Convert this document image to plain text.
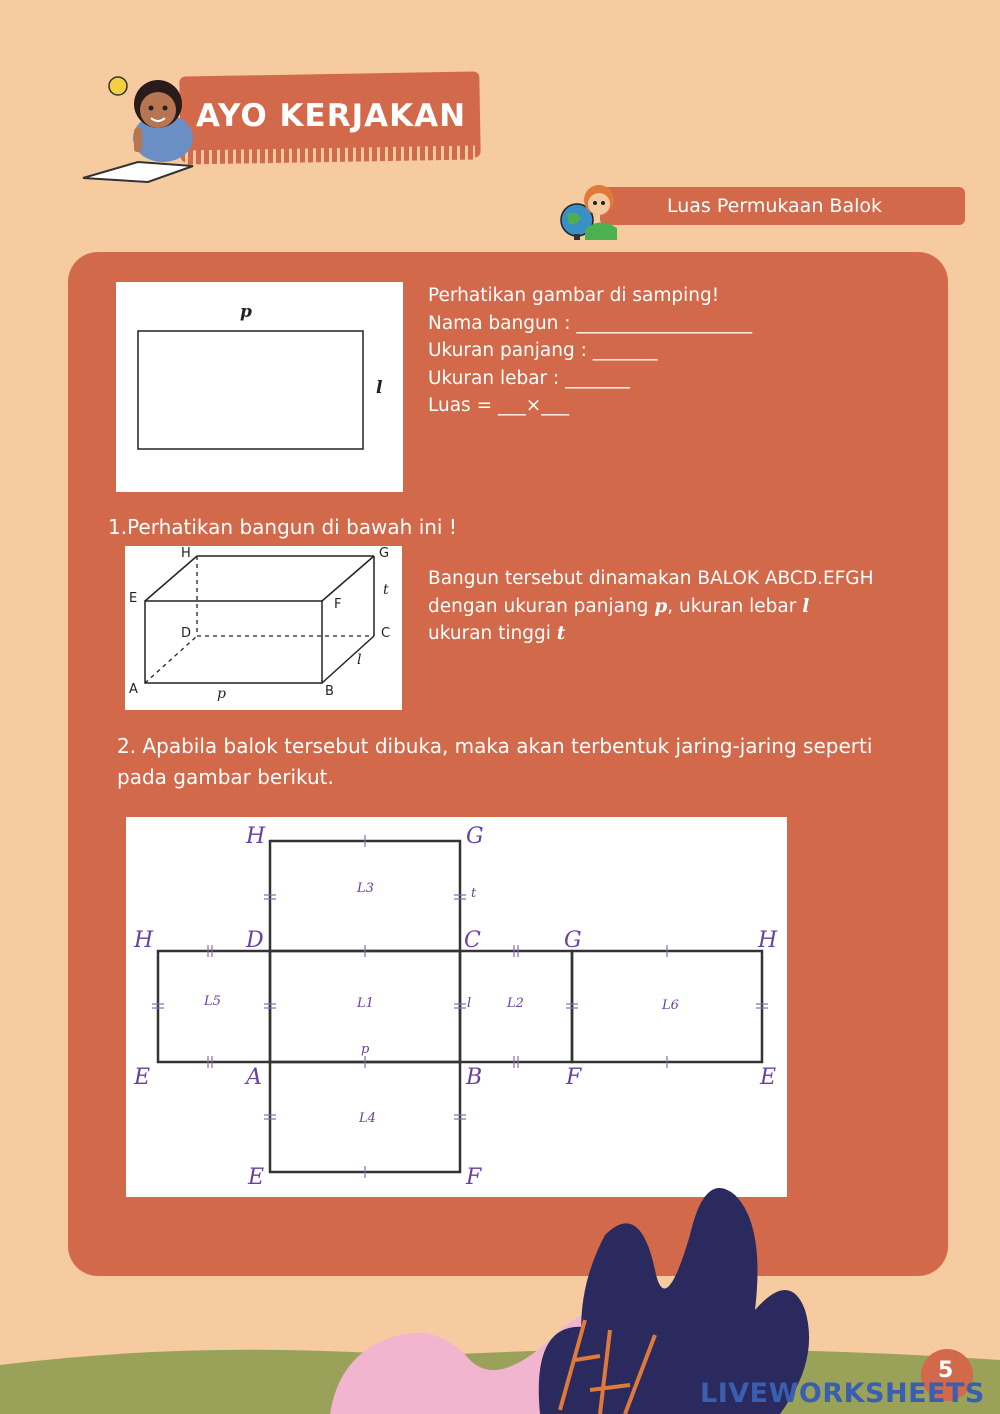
AYO KERJAKAN
Luas Permukaan Balok
p
l
Perhatikan gambar di samping!
Nama bangun : ___________________
Ukuran panjang : _______
Ukuran lebar : _______
Luas = ___×___
1.Perhatikan bangun di bawah ini !
H	G
E	F
D	C
A	B
t
l
p
Bangun tersebut dinamakan BALOK ABCD.EFGH
dengan ukuran panjang p, ukuran lebar l
ukuran tinggi t
2. Apabila balok tersebut dibuka, maka akan terbentuk jaring-jaring seperti
pada gambar berikut.
H	G
H	D	C	G	H
E	A	B	F	E
E	F
L3
L5	L1	L2	L6
L4
t
l
p
5
LIVEWORKSHEETS
